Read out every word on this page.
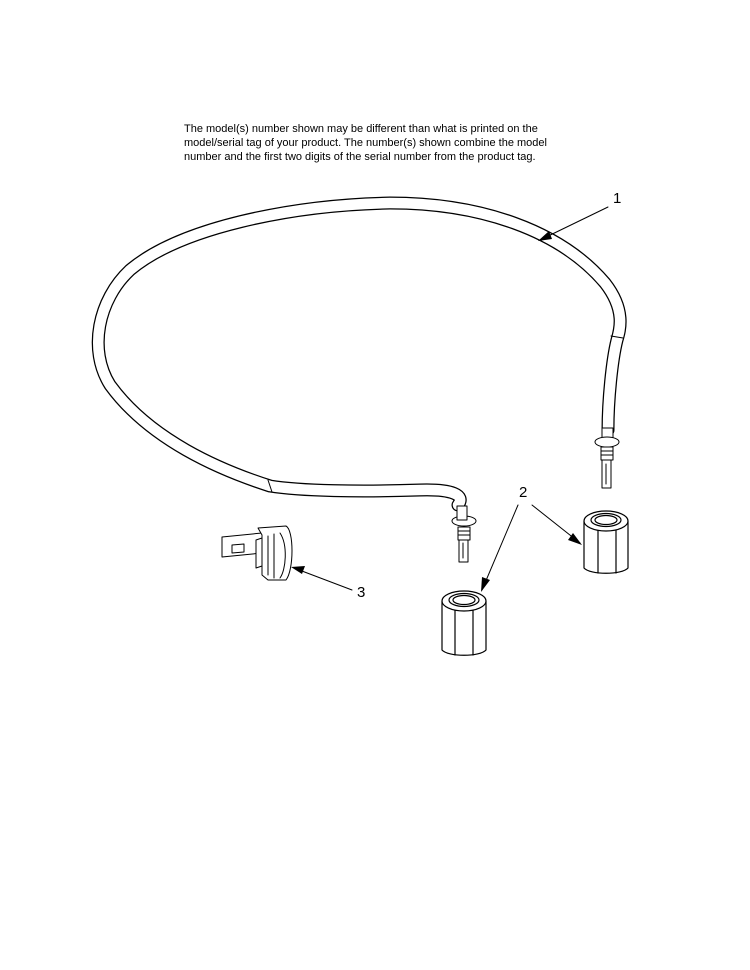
The model(s) number shown may be different than what is printed on the
model/serial tag of your product. The number(s) shown combine the model
number and the first two digits of the serial number from the product tag.
1
2
3
